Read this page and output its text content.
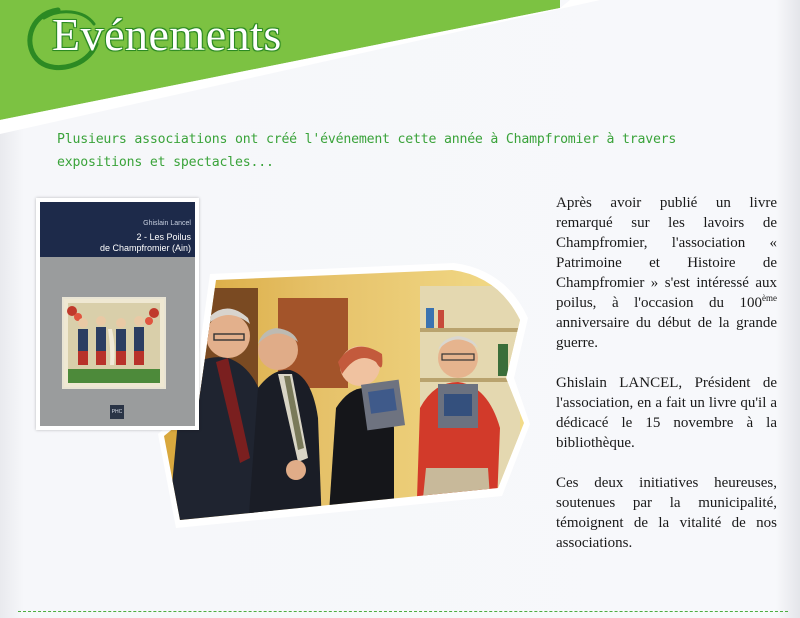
Evénements
Plusieurs associations ont créé l'événement cette année à Champfromier à travers expositions et spectacles...
Ghislain Lancel
2 - Les Poilus
de Champfromier (Ain)
PHC

Après avoir publié un livre remarqué sur les lavoirs de Champfromier, l'association « Patrimoine et Histoire de Champfromier » s'est intéressé aux poilus, à l'occasion du 100ème anniversaire du début de la grande guerre.

Ghislain LANCEL, Président de l'association, en a fait un livre qu'il a dédicacé le 15 novembre à la bibliothèque.

Ces deux initiatives heureuses, soutenues par la municipalité, témoignent de la vitalité de nos associations.
